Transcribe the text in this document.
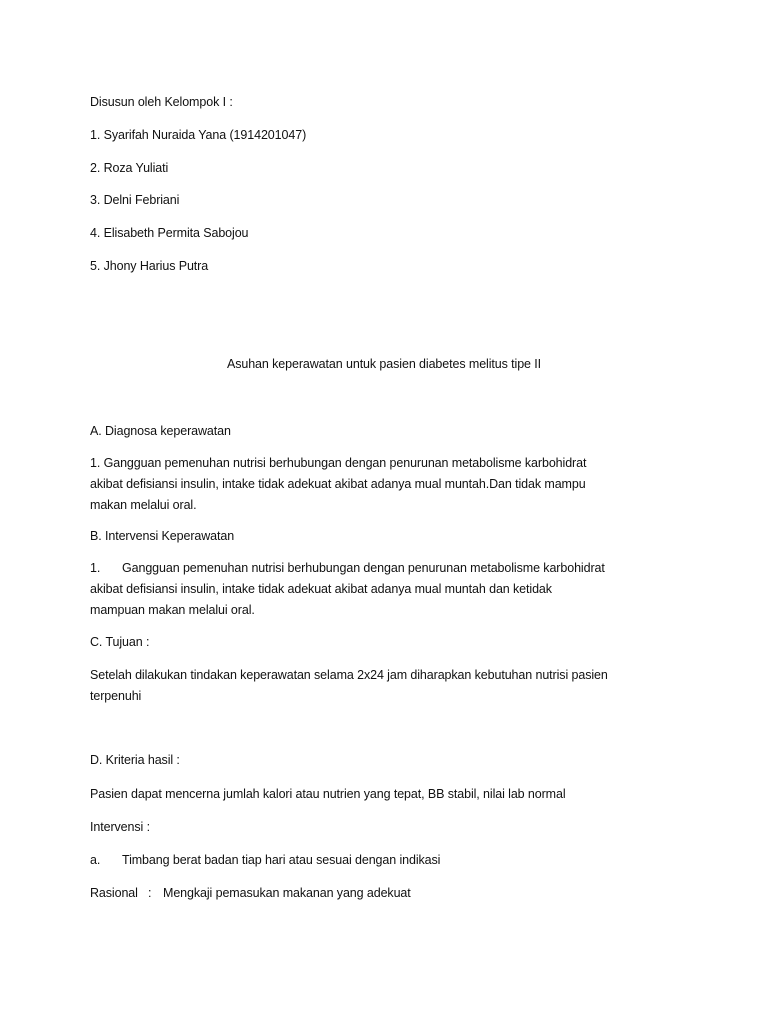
Disusun oleh Kelompok I :
1. Syarifah Nuraida Yana (1914201047)
2. Roza Yuliati
3. Delni Febriani
4. Elisabeth Permita Sabojou
5. Jhony Harius Putra
Asuhan keperawatan untuk pasien diabetes melitus tipe II
A. Diagnosa keperawatan
1. Gangguan pemenuhan nutrisi berhubungan dengan penurunan metabolisme karbohidrat akibat defisiansi insulin, intake tidak adekuat akibat adanya mual muntah.Dan tidak mampu makan melalui oral.
B. Intervensi Keperawatan
1. Gangguan pemenuhan nutrisi berhubungan dengan penurunan metabolisme karbohidrat akibat defisiansi insulin, intake tidak adekuat akibat adanya mual muntah dan ketidak mampuan makan melalui oral.
C. Tujuan :
Setelah dilakukan tindakan keperawatan selama 2x24 jam diharapkan kebutuhan nutrisi pasien terpenuhi
D. Kriteria hasil :
Pasien dapat mencerna jumlah kalori atau nutrien yang tepat, BB stabil, nilai lab normal
Intervensi :
a. Timbang berat badan tiap hari atau sesuai dengan indikasi
Rasional   : Mengkaji pemasukan makanan yang adekuat
